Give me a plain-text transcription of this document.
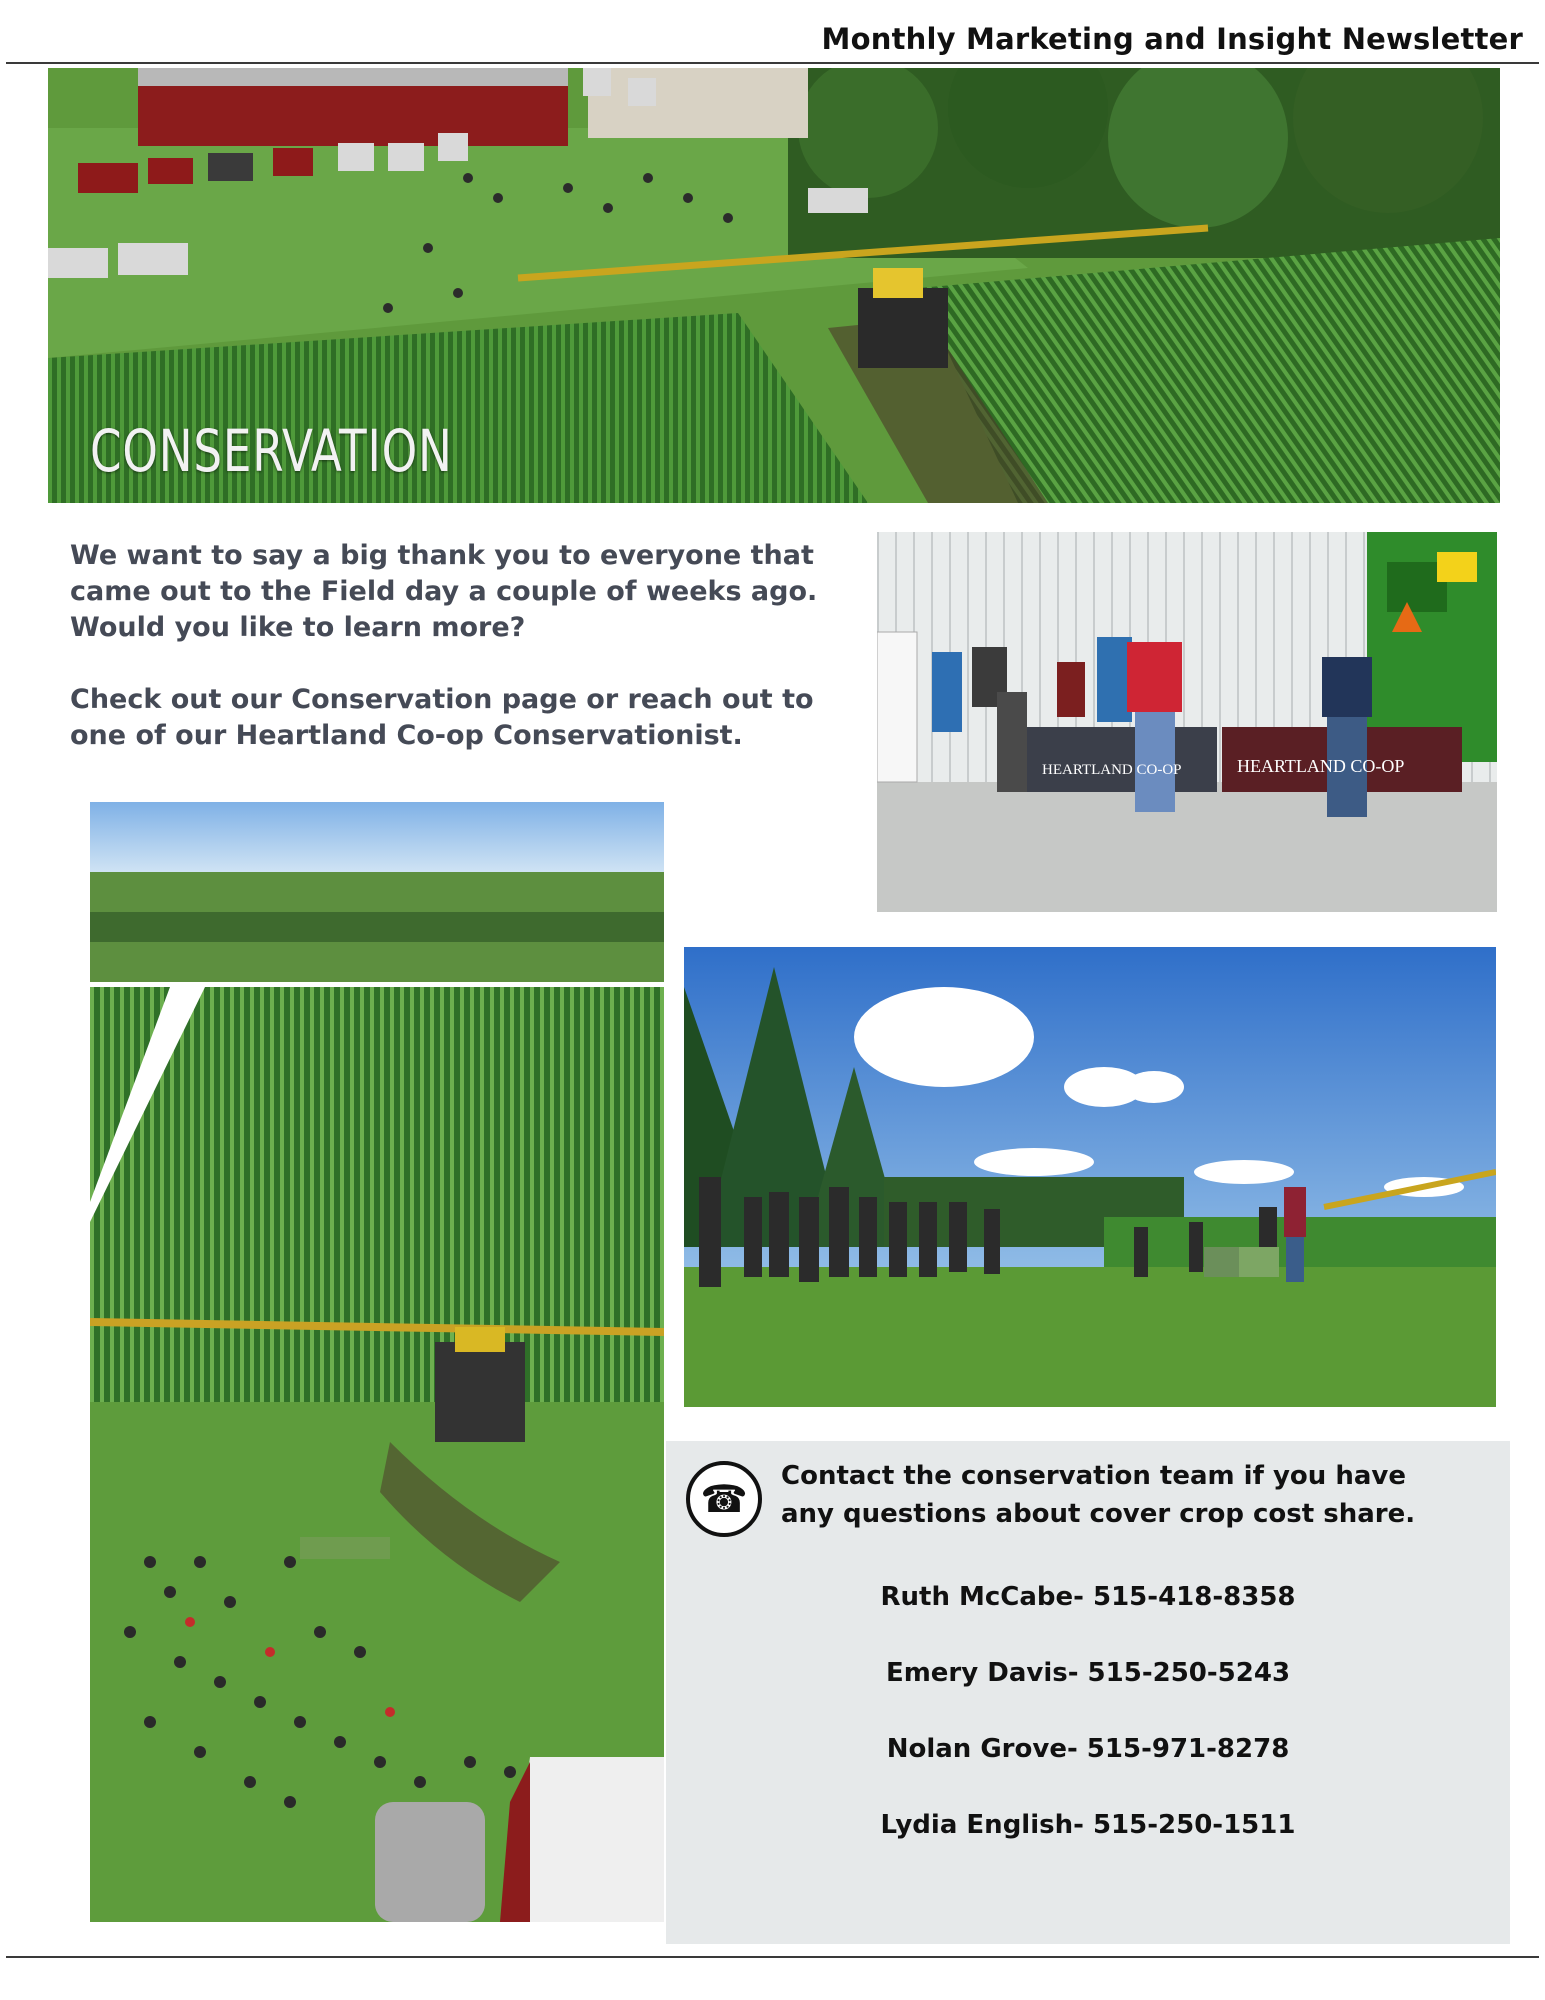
Monthly Marketing and Insight Newsletter
CONSERVATION

We want to say a big thank you to everyone that came out to the Field day a couple of weeks ago. Would you like to learn more?

Check out our Conservation page or reach out to one of our Heartland Co-op Conservationist.

HEARTLAND CO-OP	HEARTLAND CO-OP
☎
Contact the conservation team if you have
any questions about cover crop cost share.
Ruth McCabe- 515-418-8358
Emery Davis- 515-250-5243
Nolan Grove- 515-971-8278
Lydia English- 515-250-1511
